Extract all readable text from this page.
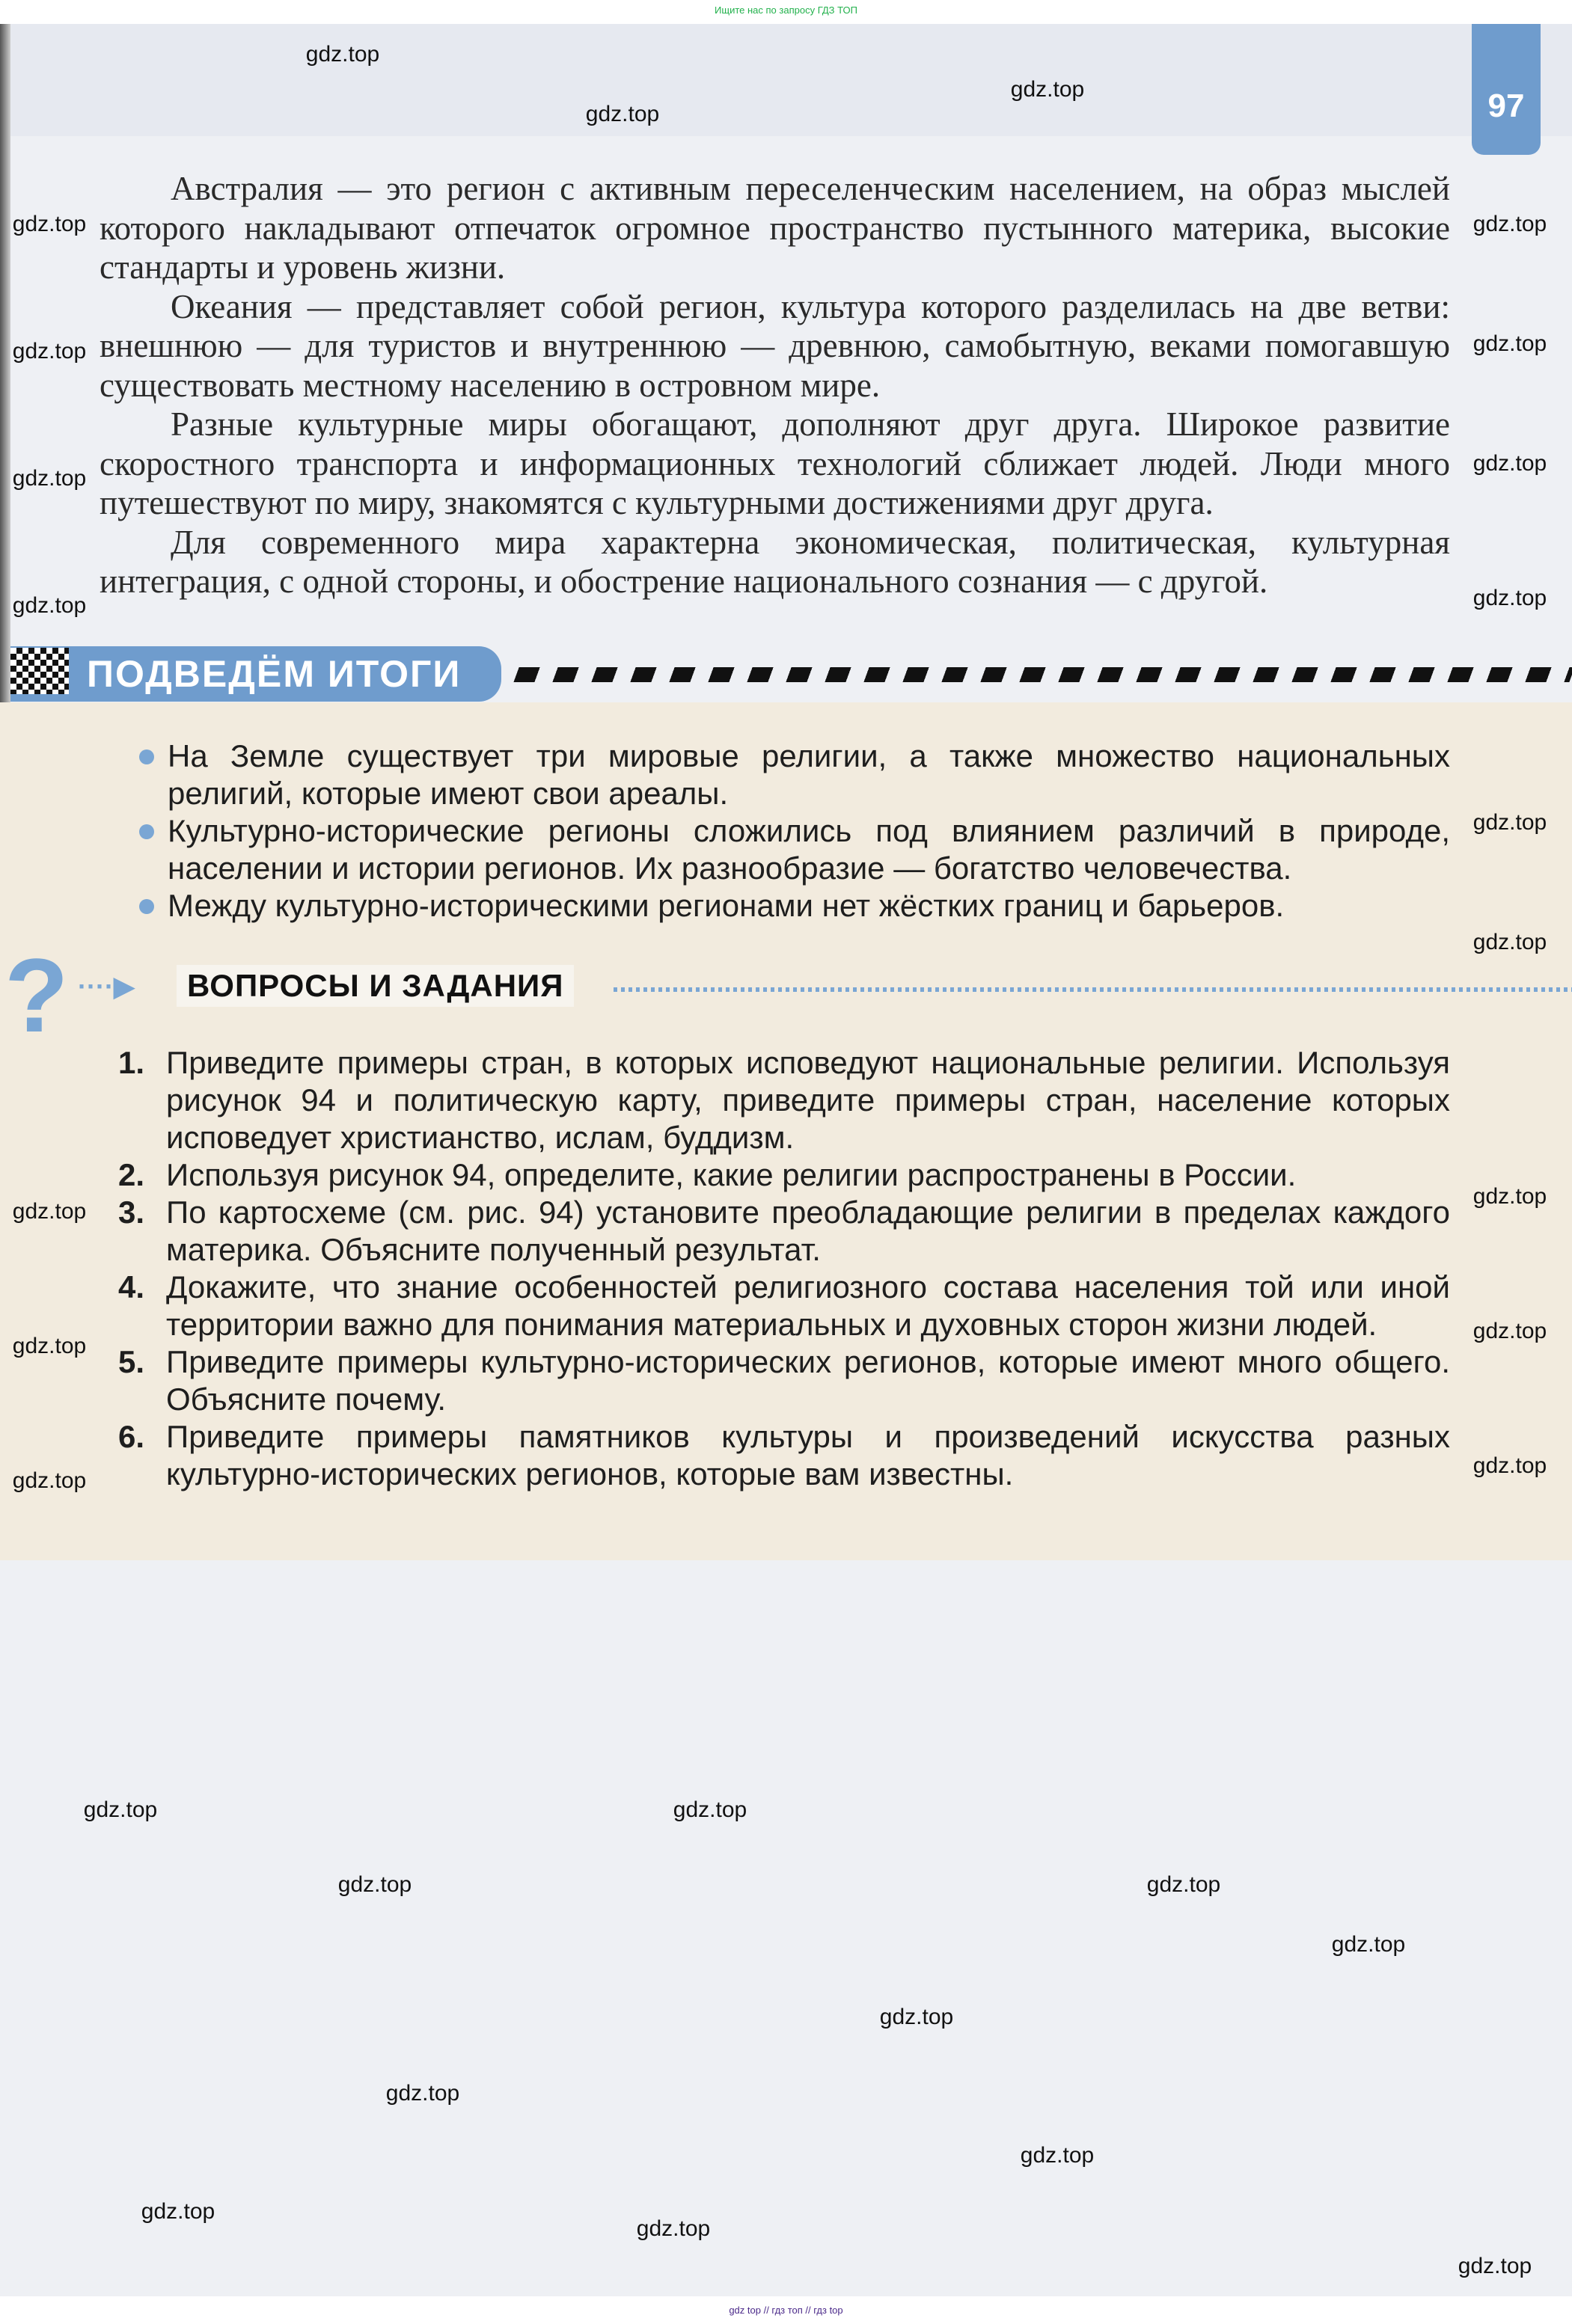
Ищите нас по запросу ГДЗ ТОП
97

Австралия — это регион с активным переселенческим населением, на образ мыслей которого накладывают отпечаток огромное пространство пустынного материка, высокие стандарты и уровень жизни.

Океания — представляет собой регион, культура которого разделилась на две ветви: внешнюю — для туристов и внутреннюю — древнюю, самобытную, веками помогавшую существовать местному населению в островном мире.

Разные культурные миры обогащают, дополняют друг друга. Широкое развитие скоростного транспорта и информационных технологий сближает людей. Люди много путешествуют по миру, знакомятся с культурными достижениями друг друга.

Для современного мира характерна экономическая, политическая, культурная интеграция, с одной стороны, и обострение национального сознания — с другой.

ПОДВЕДЁМ ИТОГИ
На Земле существует три мировые религии, а также множество национальных религий, которые имеют свои ареалы.
Культурно-исторические регионы сложились под влиянием различий в природе, населении и истории регионов. Их разнообразие — богатство человечества.
Между культурно-историческими регионами нет жёстких границ и барьеров.
? ····▶	ВОПРОСЫ И ЗАДАНИЯ
1. Приведите примеры стран, в которых исповедуют национальные религии. Используя рисунок 94 и политическую карту, приведите примеры стран, население которых исповедует христианство, ислам, буддизм.
2. Используя рисунок 94, определите, какие религии распространены в России.
3. По картосхеме (см. рис. 94) установите преобладающие религии в пределах каждого материка. Объясните полученный результат.
4. Докажите, что знание особенностей религиозного состава населения той или иной территории важно для понимания материальных и духовных сторон жизни людей.
5. Приведите примеры культурно-исторических регионов, которые имеют много общего. Объясните почему.
6. Приведите примеры памятников культуры и произведений искусства разных культурно-исторических регионов, которые вам известны.
gdz.top
gdz.top
gdz.top
gdz.top
gdz.top
gdz.top
gdz.top
gdz.top
gdz.top
gdz.top
gdz.top
gdz.top
gdz.top
gdz.top
gdz.top
gdz.top
gdz.top
gdz.top
gdz.top
gdz.top	gdz.top
gdz.top	gdz.top
gdz.top
gdz.top
gdz.top
gdz.top
gdz.top
gdz.top
gdz.top
gdz top // гдз топ // гдз top
